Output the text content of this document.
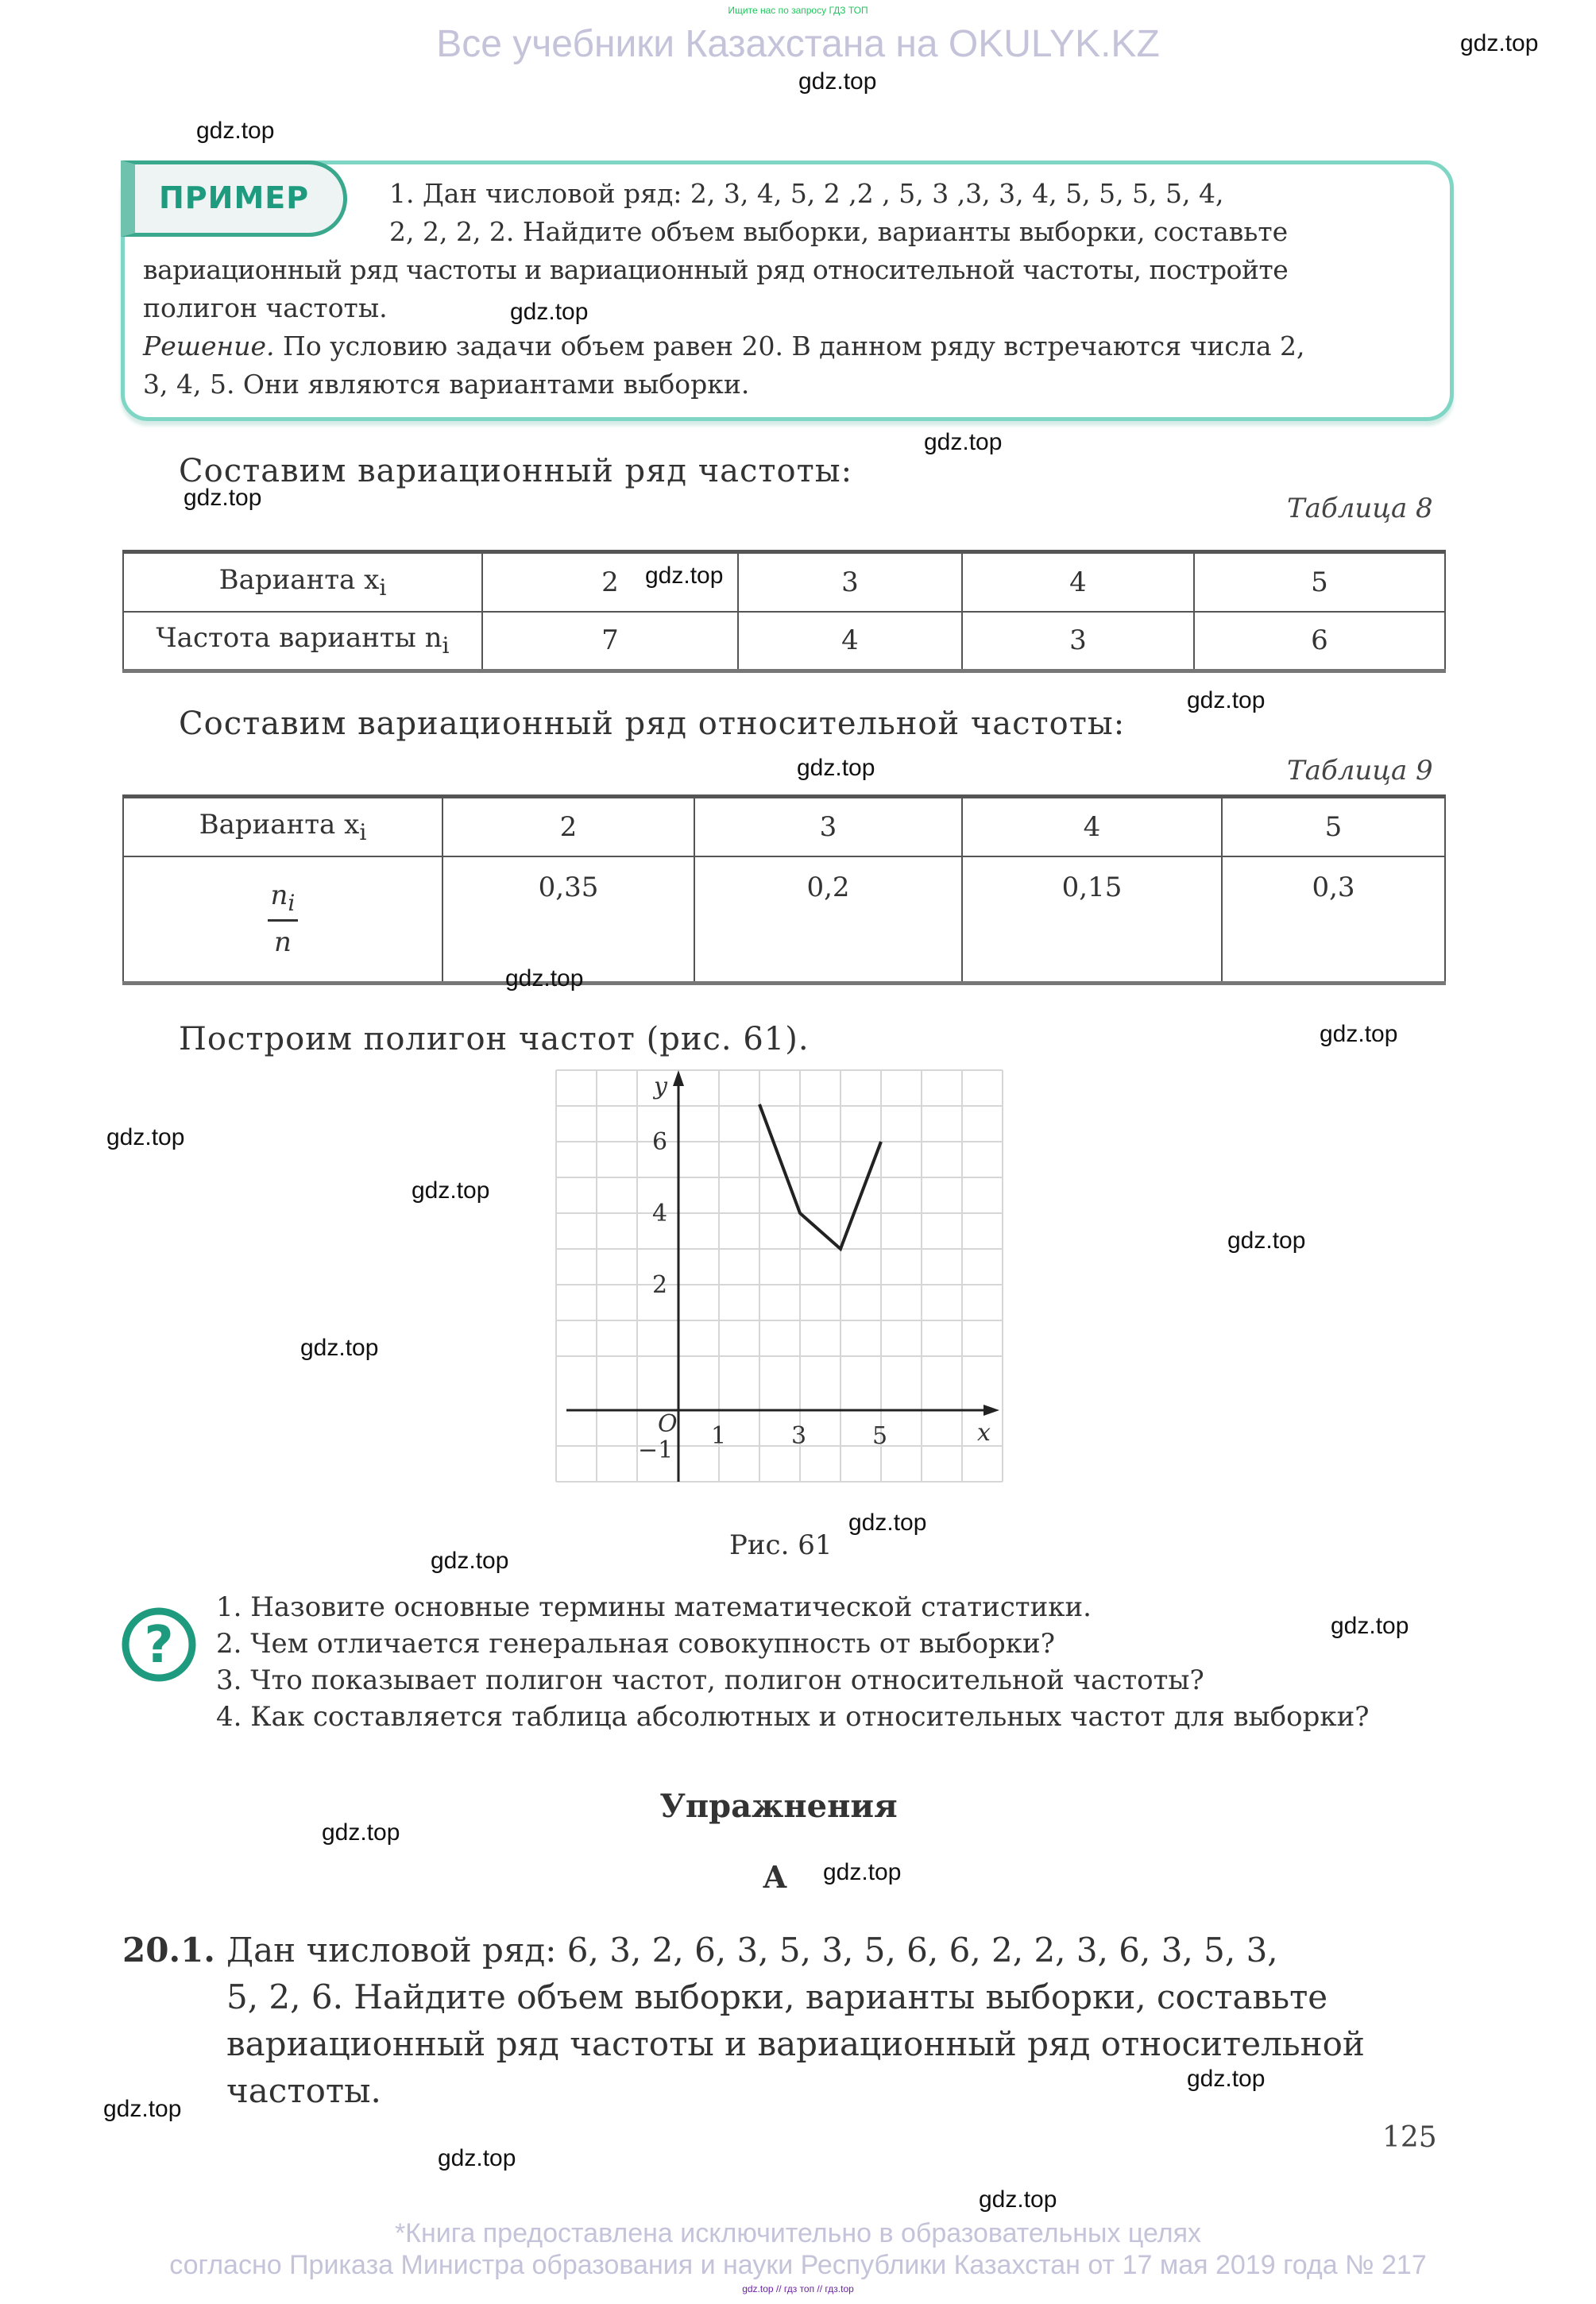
Ищите нас по запросу ГДЗ ТОП
Все учебники Казахстана на OKULYK.KZ
ПРИМЕР	1. Дан числовой ряд: 2, 3, 4, 5, 2 ,2 , 5, 3 ,3, 3, 4, 5, 5, 5, 5, 4,
2, 2, 2, 2. Найдите объем выборки, варианты выборки, составьте
вариационный ряд частоты и вариационный ряд относительной частоты, постройте
полигон частоты.
Решение. По условию задачи объем равен 20. В данном ряду встречаются числа 2,
3, 4, 5. Они являются вариантами выборки.
Составим вариационный ряд частоты:
Таблица 8
Варианта $x_i$	2	3	4	5
Частота варианты $n_i$	7	4	3	6
Составим вариационный ряд относительной частоты:
Таблица 9
Варианта $x_i$	2	3	4	5

$\frac{n_i}{n}$	0,35	0,2	0,15	0,3
Построим полигон частот (рис. 61).
y
6
4
2
O
−1
1	3	5	x
Рис. 61
?
1. Назовите основные термины математической статистики.
2. Чем отличается генеральная совокупность от выборки?
3. Что показывает полигон частот, полигон относительной частоты?
4. Как составляется таблица абсолютных и относительных частот для выборки?
Упражнения
А
20.1. Дан числовой ряд: 6, 3, 2, 6, 3, 5, 3, 5, 6, 6, 2, 2, 3, 6, 3, 5, 3,
5, 2, 6. Найдите объем выборки, варианты выборки, составьте
вариационный ряд частоты и вариационный ряд относительной
частоты.
125
*Книга предоставлена исключительно в образовательных целях
согласно Приказа Министра образования и науки Республики Казахстан от 17 мая 2019 года № 217
gdz.top // гдз топ // гдз.top
gdz.top
gdz.top
gdz.top
gdz.top
gdz.top
gdz.top
gdz.top
gdz.top
gdz.top
gdz.top
gdz.top
gdz.top
gdz.top
gdz.top
gdz.top
gdz.top
gdz.top
gdz.top
gdz.top
gdz.top
gdz.top
gdz.top
gdz.top
gdz.top
